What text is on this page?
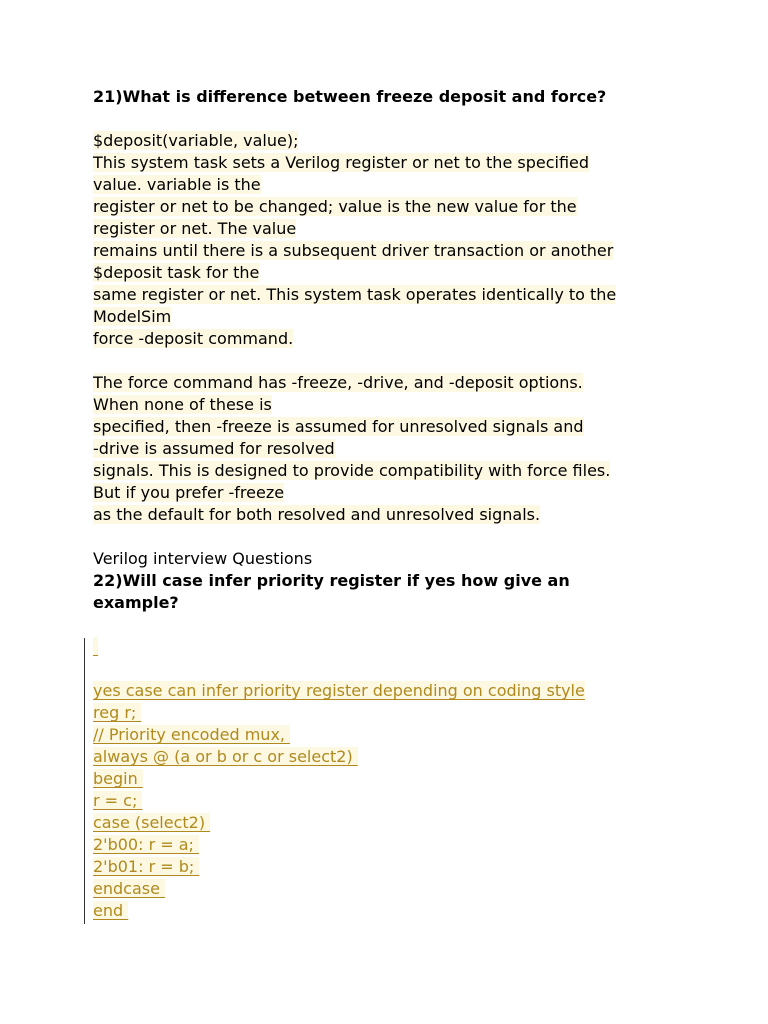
21)What is difference between freeze deposit and force?
$deposit(variable, value);
This system task sets a Verilog register or net to the specified
value. variable is the
register or net to be changed; value is the new value for the
register or net. The value
remains until there is a subsequent driver transaction or another
$deposit task for the
same register or net. This system task operates identically to the
ModelSim
force -deposit command.
The force command has -freeze, -drive, and -deposit options.
When none of these is
specified, then -freeze is assumed for unresolved signals and
-drive is assumed for resolved
signals. This is designed to provide compatibility with force files.
But if you prefer -freeze
as the default for both resolved and unresolved signals.
Verilog interview Questions
22)Will case infer priority register if yes how give an
example?

yes case can infer priority register depending on coding style
reg r;
// Priority encoded mux,
always @ (a or b or c or select2)
begin
r = c;
case (select2)
2'b00: r = a;
2'b01: r = b;
endcase
end
